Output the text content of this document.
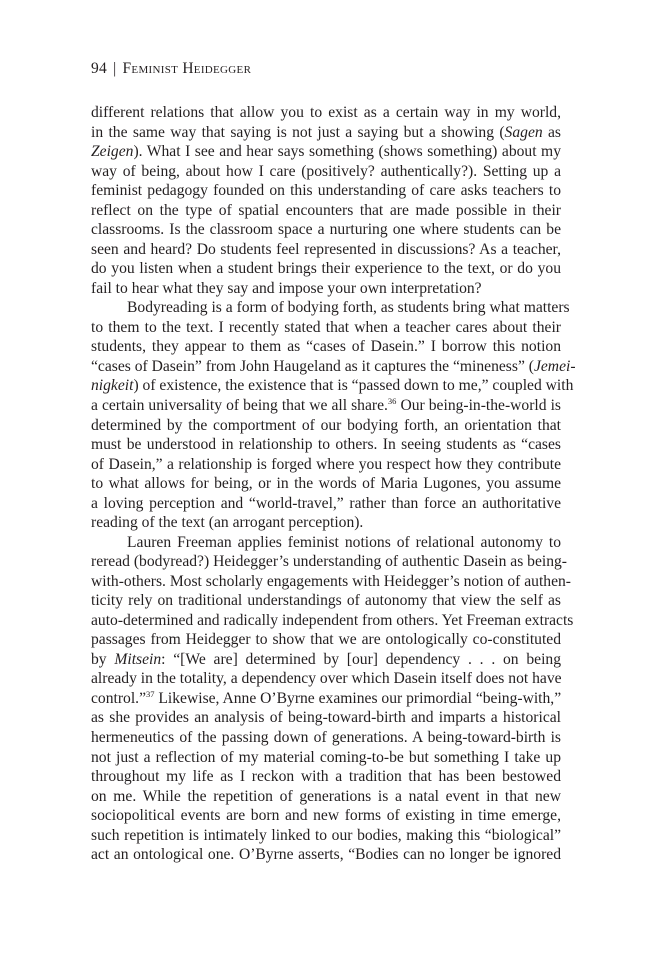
94 | Feminist Heidegger
different relations that allow you to exist as a certain way in my world,
in the same way that saying is not just a saying but a showing (Sagen as
Zeigen). What I see and hear says something (shows something) about my
way of being, about how I care (positively? authentically?). Setting up a
feminist pedagogy founded on this understanding of care asks teachers to
reflect on the type of spatial encounters that are made possible in their
classrooms. Is the classroom space a nurturing one where students can be
seen and heard? Do students feel represented in discussions? As a teacher,
do you listen when a student brings their experience to the text, or do you
fail to hear what they say and impose your own interpretation?
Bodyreading is a form of bodying forth, as students bring what matters
to them to the text. I recently stated that when a teacher cares about their
students, they appear to them as “cases of Dasein.” I borrow this notion
“cases of Dasein” from John Haugeland as it captures the “mineness” (Jemei-
nigkeit) of existence, the existence that is “passed down to me,” coupled with
a certain universality of being that we all share.$^{36}$ Our being-in-the-world is
determined by the comportment of our bodying forth, an orientation that
must be understood in relationship to others. In seeing students as “cases
of Dasein,” a relationship is forged where you respect how they contribute
to what allows for being, or in the words of Maria Lugones, you assume
a loving perception and “world-travel,” rather than force an authoritative
reading of the text (an arrogant perception).
Lauren Freeman applies feminist notions of relational autonomy to
reread (bodyread?) Heidegger’s understanding of authentic Dasein as being-
with-others. Most scholarly engagements with Heidegger’s notion of authen-
ticity rely on traditional understandings of autonomy that view the self as
auto-determined and radically independent from others. Yet Freeman extracts
passages from Heidegger to show that we are ontologically co-constituted
by Mitsein: “[We are] determined by [our] dependency . . . on being
already in the totality, a dependency over which Dasein itself does not have
control.”$^{37}$ Likewise, Anne O’Byrne examines our primordial “being-with,”
as she provides an analysis of being-toward-birth and imparts a historical
hermeneutics of the passing down of generations. A being-toward-birth is
not just a reflection of my material coming-to-be but something I take up
throughout my life as I reckon with a tradition that has been bestowed
on me. While the repetition of generations is a natal event in that new
sociopolitical events are born and new forms of existing in time emerge,
such repetition is intimately linked to our bodies, making this “biological”
act an ontological one. O’Byrne asserts, “Bodies can no longer be ignored
